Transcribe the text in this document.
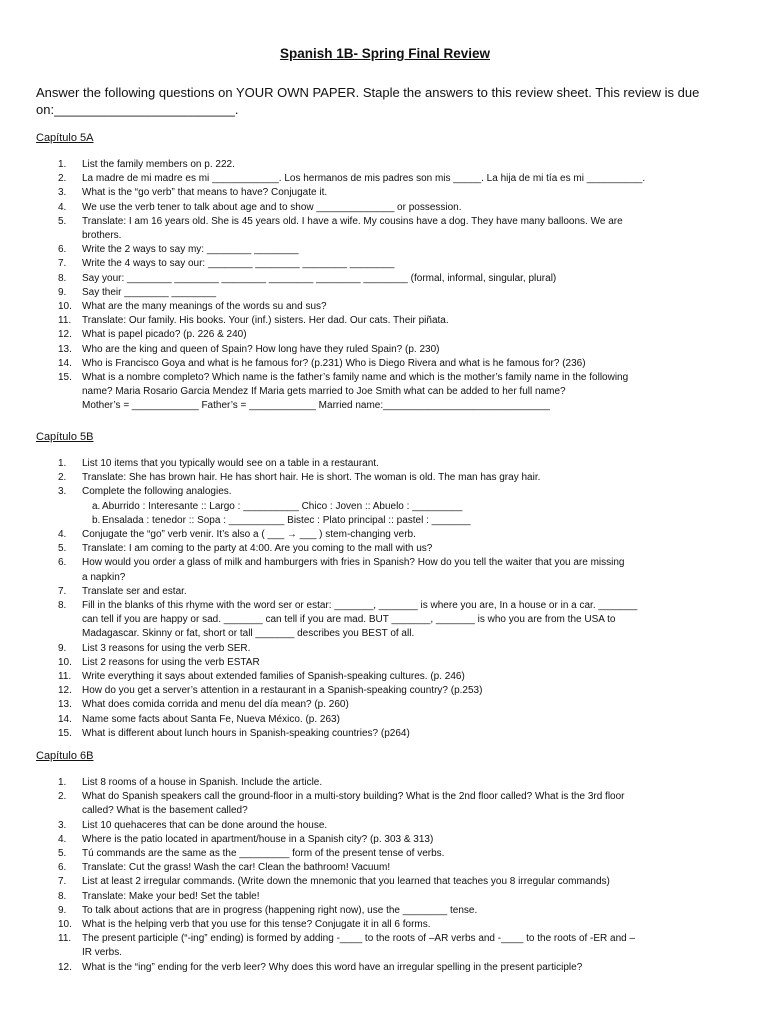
Spanish 1B- Spring Final Review
Answer the following questions on YOUR OWN PAPER. Staple the answers to this review sheet. This review is due on:_________________________.
Capítulo 5A
1. List the family members on p. 222.
2. La madre de mi madre es mi ____________. Los hermanos de mis padres son mis _____. La hija de mi tía es mi __________.
3. What is the “go verb” that means to have? Conjugate it.
4. We use the verb tener to talk about age and to show ______________ or possession.
5. Translate: I am 16 years old. She is 45 years old. I have a wife. My cousins have a dog. They have many balloons. We are
brothers.
6. Write the 2 ways to say my: ________ ________
7. Write the 4 ways to say our: ________ ________ ________ ________
8. Say your: ________ ________ ________ ________ ________ ________ (formal, informal, singular, plural)
9. Say their ________ ________
10. What are the many meanings of the words su and sus?
11. Translate: Our family. His books. Your (inf.) sisters. Her dad. Our cats. Their piñata.
12. What is papel picado? (p. 226 & 240)
13. Who are the king and queen of Spain? How long have they ruled Spain? (p. 230)
14. Who is Francisco Goya and what is he famous for? (p.231) Who is Diego Rivera and what is he famous for? (236)
15. What is a nombre completo? Which name is the father’s family name and which is the mother’s family name in the following
name? Maria Rosario Garcia Mendez If Maria gets married to Joe Smith what can be added to her full name?
Mother’s = ____________ Father’s = ____________ Married name:______________________________
Capítulo 5B
1. List 10 items that you typically would see on a table in a restaurant.
2. Translate: She has brown hair. He has short hair. He is short. The woman is old. The man has gray hair.
3. Complete the following analogies.
a. Aburrido : Interesante :: Largo : __________ Chico : Joven :: Abuelo : _________
b. Ensalada : tenedor :: Sopa : __________ Bistec : Plato principal :: pastel : _______
4. Conjugate the “go” verb venir. It’s also a ( ___ → ___ ) stem-changing verb.
5. Translate: I am coming to the party at 4:00. Are you coming to the mall with us?
6. How would you order a glass of milk and hamburgers with fries in Spanish? How do you tell the waiter that you are missing
a napkin?
7. Translate ser and estar.
8. Fill in the blanks of this rhyme with the word ser or estar: _______, _______ is where you are, In a house or in a car. _______
can tell if you are happy or sad. _______ can tell if you are mad. BUT _______, _______ is who you are from the USA to
Madagascar. Skinny or fat, short or tall _______ describes you BEST of all.
9. List 3 reasons for using the verb SER.
10. List 2 reasons for using the verb ESTAR
11. Write everything it says about extended families of Spanish-speaking cultures. (p. 246)
12. How do you get a server’s attention in a restaurant in a Spanish-speaking country? (p.253)
13. What does comida corrida and menu del día mean? (p. 260)
14. Name some facts about Santa Fe, Nueva México. (p. 263)
15. What is different about lunch hours in Spanish-speaking countries? (p264)
Capítulo 6B
1. List 8 rooms of a house in Spanish. Include the article.
2. What do Spanish speakers call the ground-floor in a multi-story building? What is the 2nd floor called? What is the 3rd floor
called? What is the basement called?
3. List 10 quehaceres that can be done around the house.
4. Where is the patio located in apartment/house in a Spanish city? (p. 303 & 313)
5. Tú commands are the same as the _________ form of the present tense of verbs.
6. Translate: Cut the grass! Wash the car! Clean the bathroom! Vacuum!
7. List at least 2 irregular commands. (Write down the mnemonic that you learned that teaches you 8 irregular commands)
8. Translate: Make your bed! Set the table!
9. To talk about actions that are in progress (happening right now), use the ________ tense.
10. What is the helping verb that you use for this tense? Conjugate it in all 6 forms.
11. The present participle (“-ing” ending) is formed by adding -____ to the roots of –AR verbs and -____ to the roots of -ER and –
IR verbs.
12. What is the “ing” ending for the verb leer? Why does this word have an irregular spelling in the present participle?
